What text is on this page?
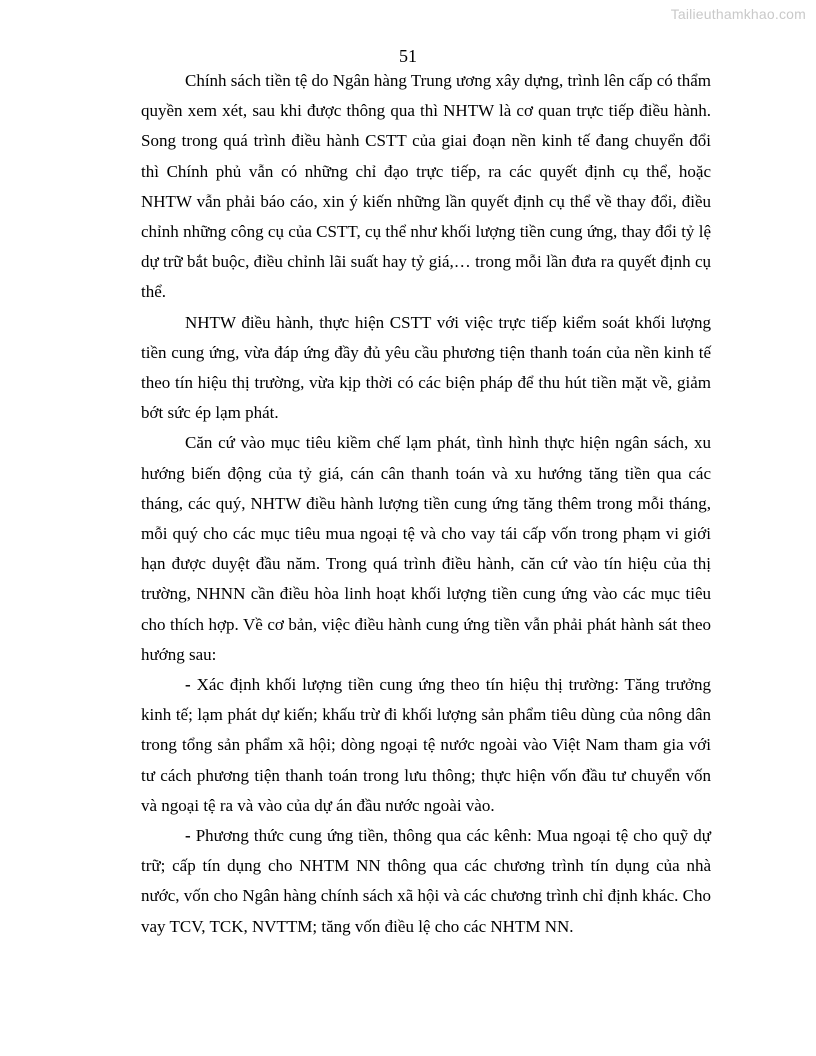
Tailieuthamkhao.com
51

Chính sách tiền tệ do Ngân hàng Trung ương xây dựng, trình lên cấp có thẩm quyền xem xét, sau khi được thông qua thì NHTW là cơ quan trực tiếp điều hành. Song trong quá trình điều hành CSTT của giai đoạn nền kinh tế đang chuyển đổi thì Chính phủ vẫn có những chỉ đạo trực tiếp, ra các quyết định cụ thể, hoặc NHTW vẫn phải báo cáo, xin ý kiến những lần quyết định cụ thể về thay đổi, điều chỉnh những công cụ của CSTT, cụ thể như khối lượng tiền cung ứng, thay đổi tỷ lệ dự trữ bắt buộc, điều chỉnh lãi suất hay tỷ giá,… trong mỗi lần đưa ra quyết định cụ thể.

NHTW điều hành, thực hiện CSTT với việc trực tiếp kiểm soát khối lượng tiền cung ứng, vừa đáp ứng đầy đủ yêu cầu phương tiện thanh toán của nền kinh tế theo tín hiệu thị trường, vừa kịp thời có các biện pháp để thu hút tiền mặt về, giảm bớt sức ép lạm phát.

Căn cứ vào mục tiêu kiềm chế lạm phát, tình hình thực hiện ngân sách, xu hướng biến động của tỷ giá, cán cân thanh toán và xu hướng tăng tiền qua các tháng, các quý, NHTW điều hành lượng tiền cung ứng tăng thêm trong mỗi tháng, mỗi quý cho các mục tiêu mua ngoại tệ và cho vay tái cấp vốn trong phạm vi giới hạn được duyệt đầu năm. Trong quá trình điều hành, căn cứ vào tín hiệu của thị trường, NHNN cần điều hòa linh hoạt khối lượng tiền cung ứng vào các mục tiêu cho thích hợp. Về cơ bản, việc điều hành cung ứng tiền vẫn phải phát hành sát theo hướng sau:

- Xác định khối lượng tiền cung ứng theo tín hiệu thị trường: Tăng trưởng kinh tế; lạm phát dự kiến; khấu trừ đi khối lượng sản phẩm tiêu dùng của nông dân trong tổng sản phẩm xã hội; dòng ngoại tệ nước ngoài vào Việt Nam tham gia với tư cách phương tiện thanh toán trong lưu thông; thực hiện vốn đầu tư chuyển vốn và ngoại tệ ra và vào của dự án đầu nước ngoài vào.

- Phương thức cung ứng tiền, thông qua các kênh: Mua ngoại tệ cho quỹ dự trữ; cấp tín dụng cho NHTM NN thông qua các chương trình tín dụng của nhà nước, vốn cho Ngân hàng chính sách xã hội và các chương trình chỉ định khác. Cho vay TCV, TCK, NVTTM; tăng vốn điều lệ cho các NHTM NN.
